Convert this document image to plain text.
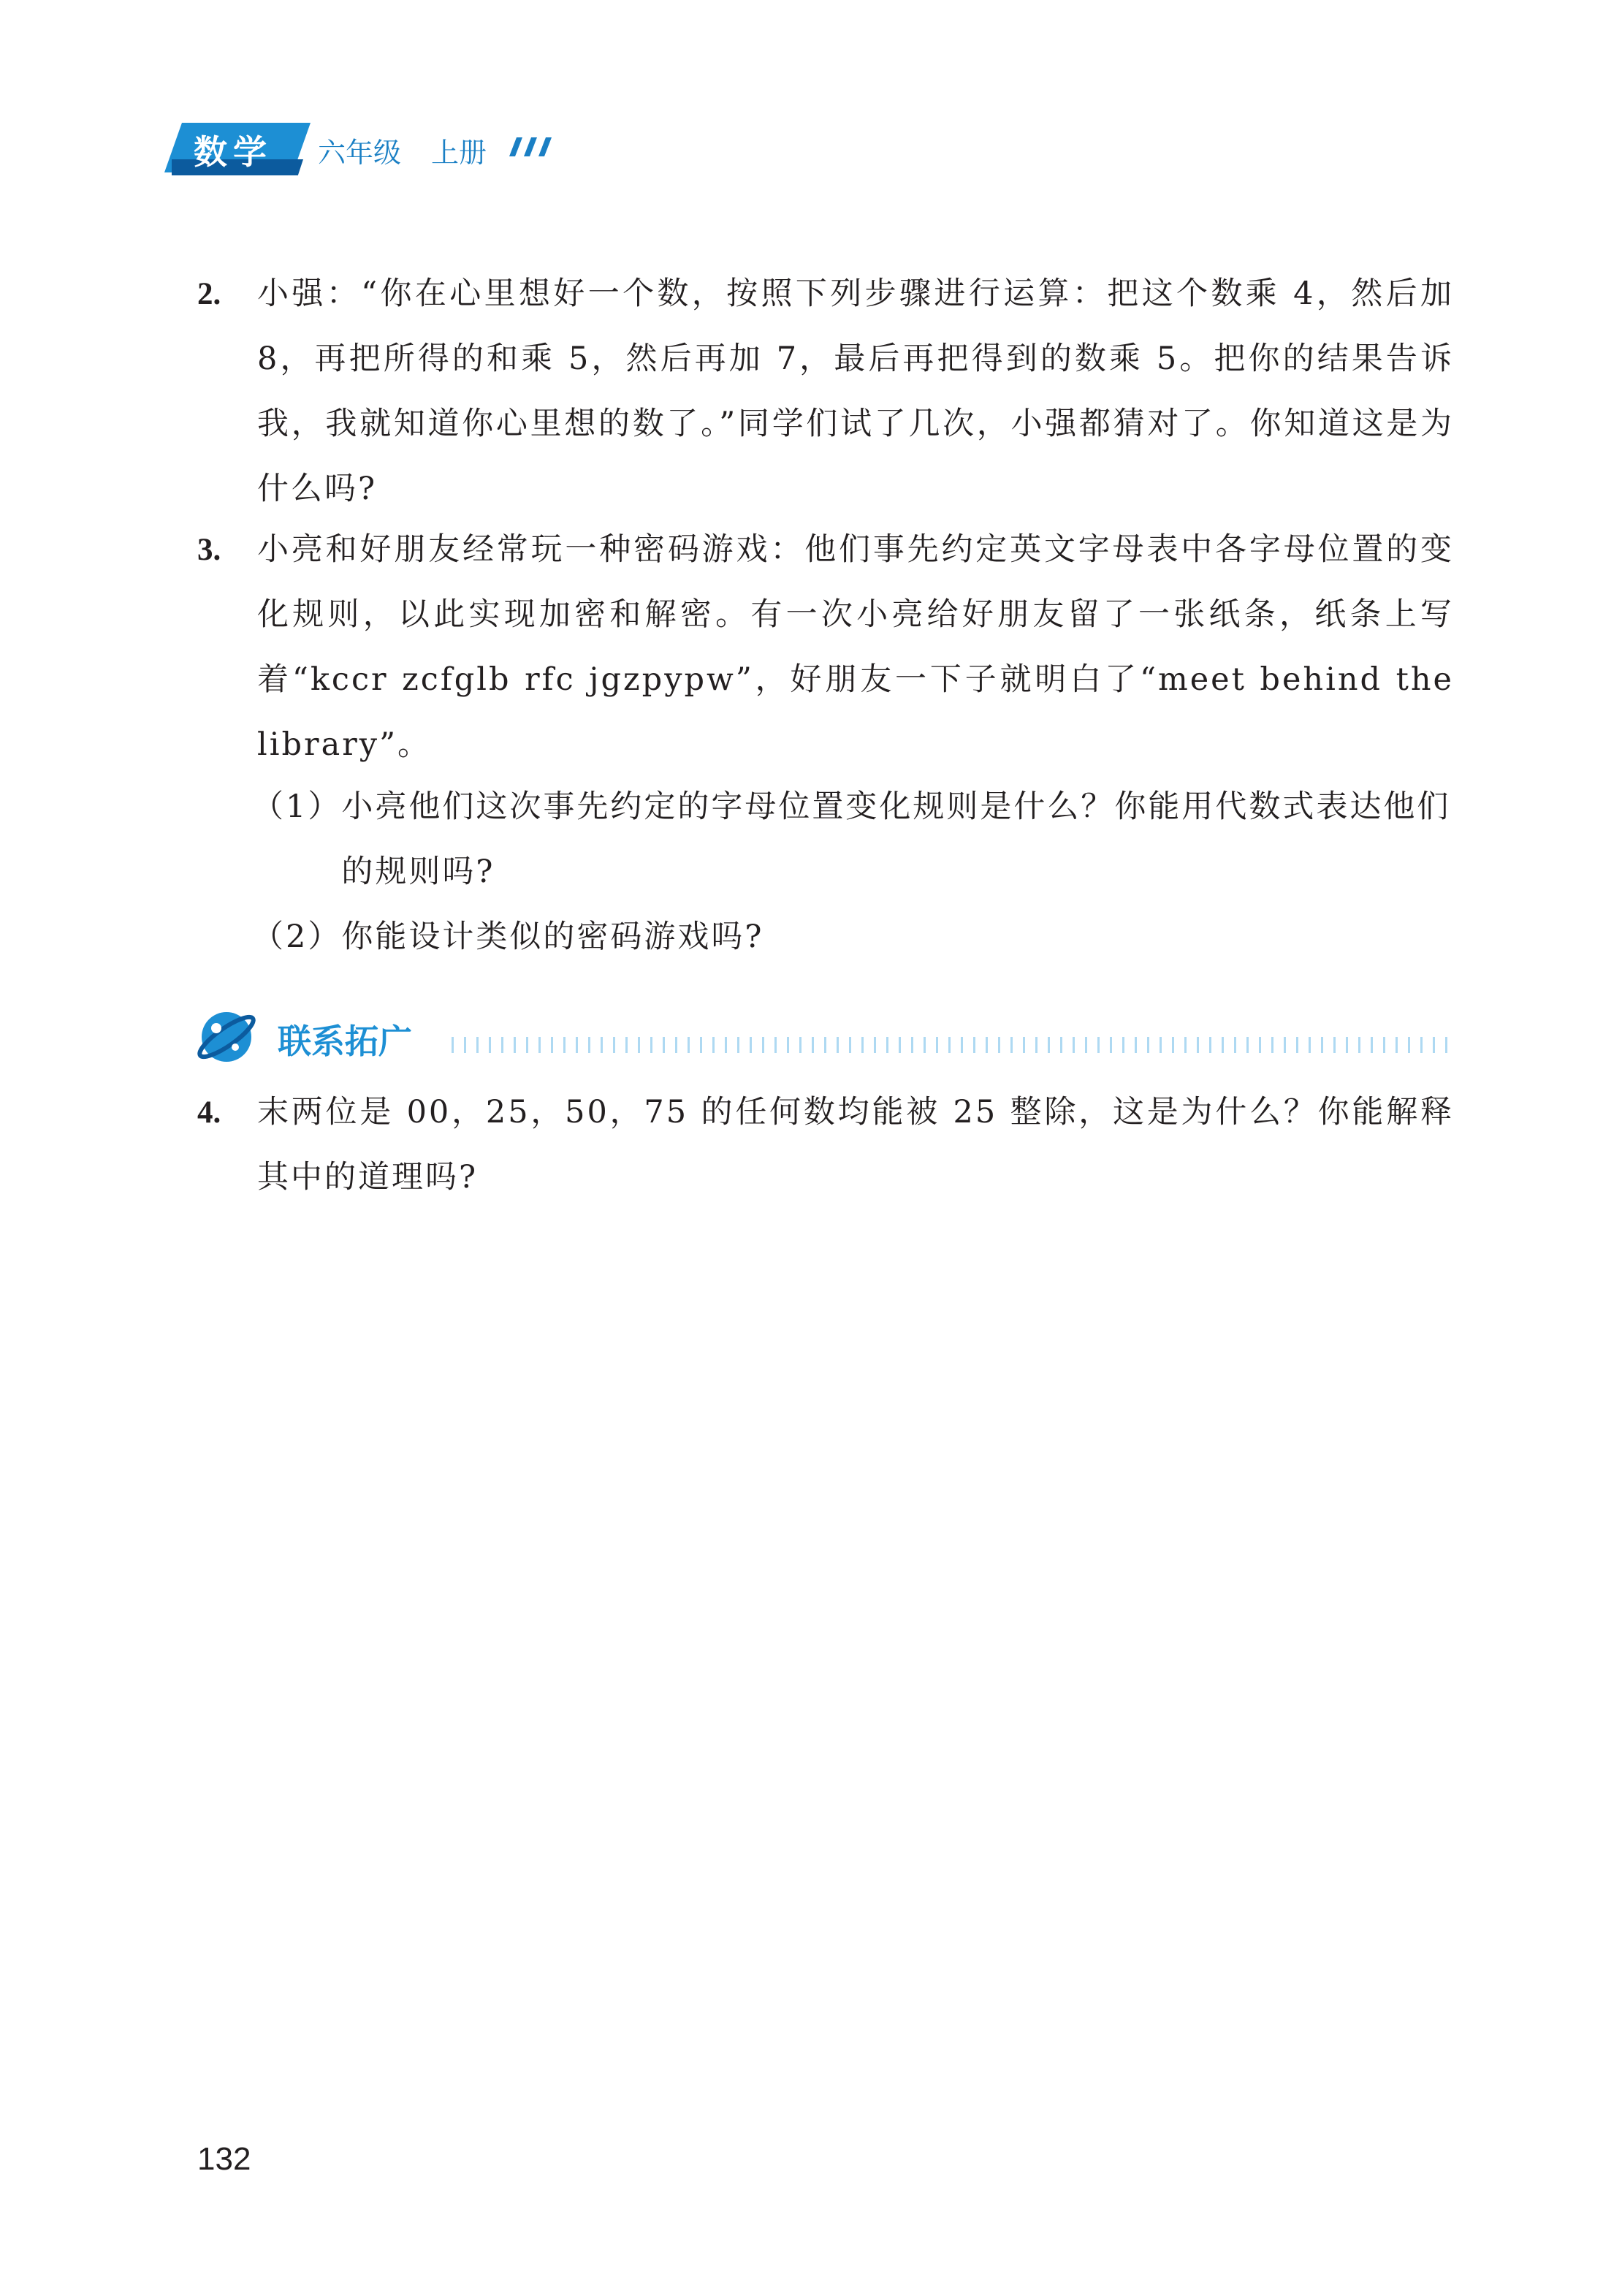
数学 六年级 上册
2. 小强：“你在心里想好一个数，按照下列步骤进行运算：把这个数乘 4，然后加 8，再把所得的和乘 5，然后再加 7，最后再把得到的数乘 5。把你的结果告诉我，我就知道你心里想的数了。”同学们试了几次，小强都猜对了。你知道这是为什么吗?
3. 小亮和好朋友经常玩一种密码游戏：他们事先约定英文字母表中各字母位置的变化规则，以此实现加密和解密。有一次小亮给好朋友留了一张纸条，纸条上写着“kccr zcfglb rfc jgzpypw”，好朋友一下子就明白了“meet behind the library”。
（1） 小亮他们这次事先约定的字母位置变化规则是什么？你能用代数式表达他们的规则吗?
（2） 你能设计类似的密码游戏吗?
联系拓广
4. 末两位是 00，25，50，75 的任何数均能被 25 整除，这是为什么？你能解释其中的道理吗?
132
